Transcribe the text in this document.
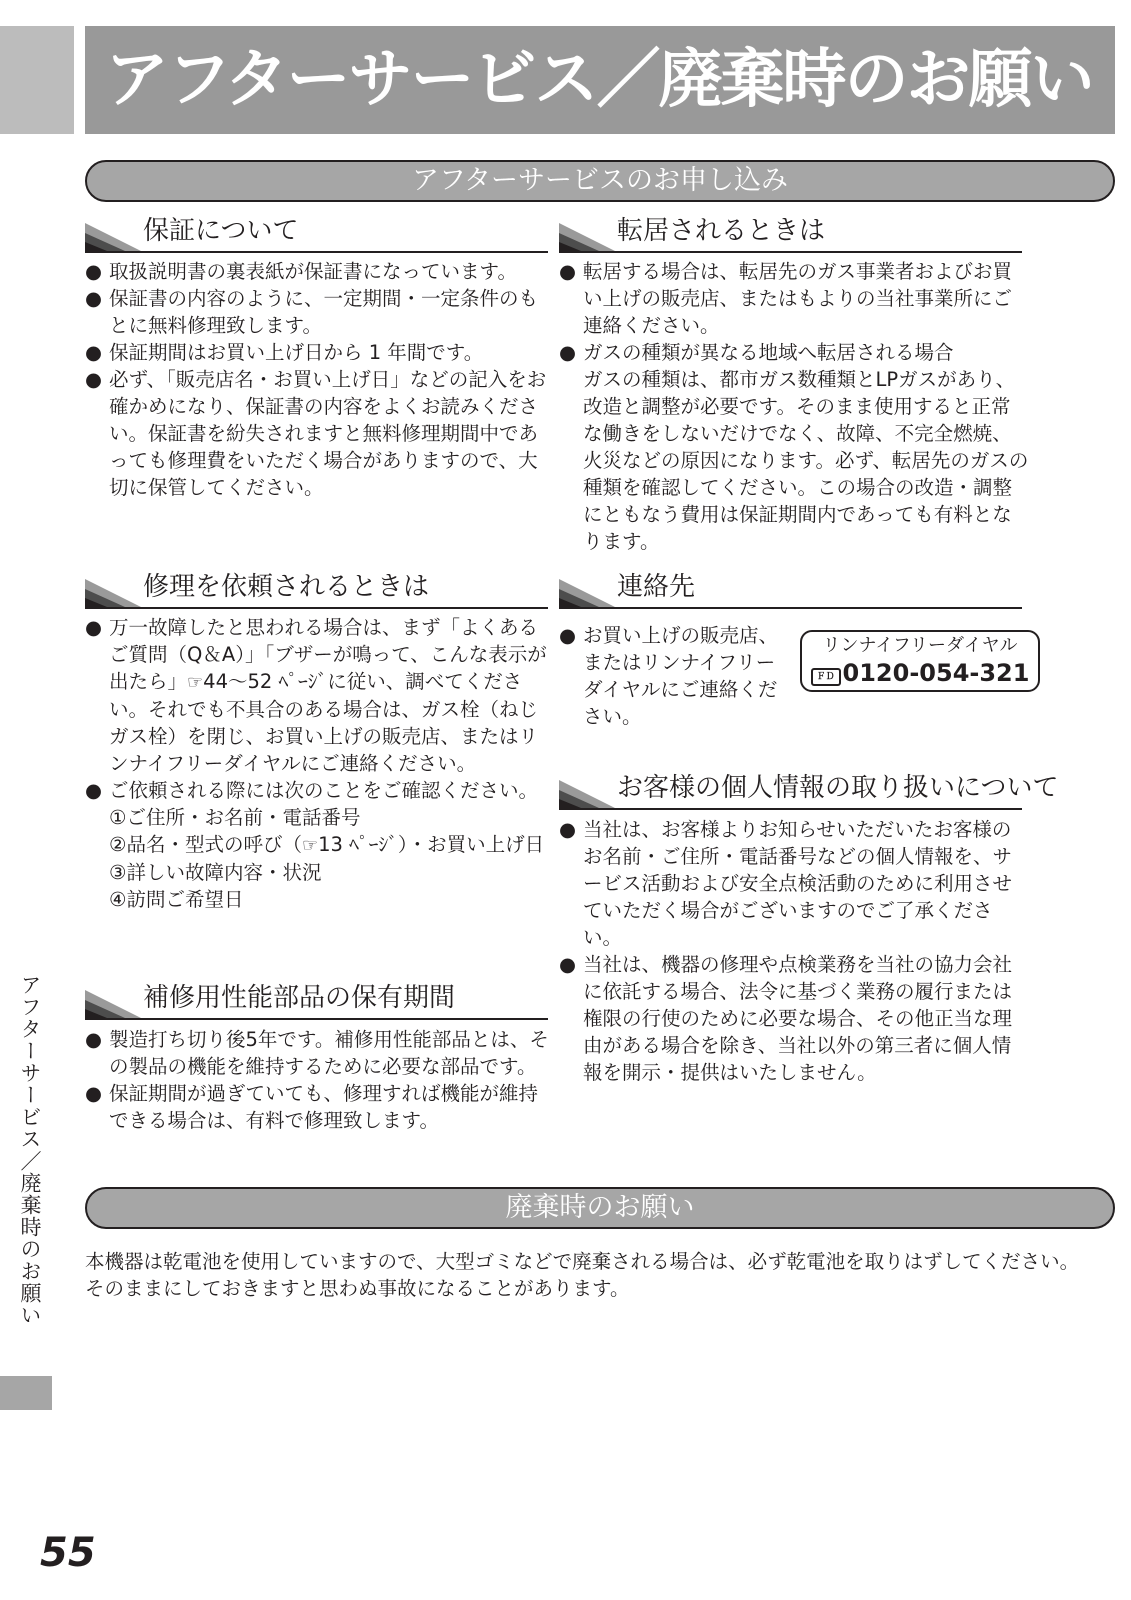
アフターサービス／廃棄時のお願い
アフターサービス／廃棄時のお願い
アフターサービスのお申し込み
保証について
● 取扱説明書の裏表紙が保証書になっています。
● 保証書の内容のように、一定期間・一定条件のもとに無料修理致します。
● 保証期間はお買い上げ日から 1 年間です。
● 必ず、「販売店名・お買い上げ日」などの記入をお確かめになり、保証書の内容をよくお読みください。保証書を紛失されますと無料修理期間中であっても修理費をいただく場合がありますので、大切に保管してください。
転居されるときは
● 転居する場合は、転居先のガス事業者およびお買い上げの販売店、またはもよりの当社事業所にご連絡ください。
● ガスの種類が異なる地域へ転居される場合
ガスの種類は、都市ガス数種類とLPガスがあり、改造と調整が必要です。そのまま使用すると正常な働きをしないだけでなく、故障、不完全燃焼、火災などの原因になります。必ず、転居先のガスの種類を確認してください。この場合の改造・調整にともなう費用は保証期間内であっても有料となります。
修理を依頼されるときは
● 万一故障したと思われる場合は、まず「よくあるご質問（Q＆A）」「ブザーが鳴って、こんな表示が出たら」☞44～52 ﾍﾟｰｼﾞに従い、調べてください。それでも不具合のある場合は、ガス栓（ねじガス栓）を閉じ、お買い上げの販売店、またはリンナイフリーダイヤルにご連絡ください。
● ご依頼される際には次のことをご確認ください。
①ご住所・お名前・電話番号
②品名・型式の呼び（☞13 ﾍﾟｰｼﾞ）・お買い上げ日
③詳しい故障内容・状況
④訪問ご希望日
連絡先
● お買い上げの販売店、またはリンナイフリーダイヤルにご連絡ください。
リンナイフリーダイヤル
ＦＤ 0120-054-321
補修用性能部品の保有期間
● 製造打ち切り後5年です。補修用性能部品とは、その製品の機能を維持するために必要な部品です。
● 保証期間が過ぎていても、修理すれば機能が維持できる場合は、有料で修理致します。
お客様の個人情報の取り扱いについて
● 当社は、お客様よりお知らせいただいたお客様のお名前・ご住所・電話番号などの個人情報を、サービス活動および安全点検活動のために利用させていただく場合がございますのでご了承ください。
● 当社は、機器の修理や点検業務を当社の協力会社に依託する場合、法令に基づく業務の履行または権限の行使のために必要な場合、その他正当な理由がある場合を除き、当社以外の第三者に個人情報を開示・提供はいたしません。
廃棄時のお願い
本機器は乾電池を使用していますので、大型ゴミなどで廃棄される場合は、必ず乾電池を取りはずしてください。
そのままにしておきますと思わぬ事故になることがあります。
55
